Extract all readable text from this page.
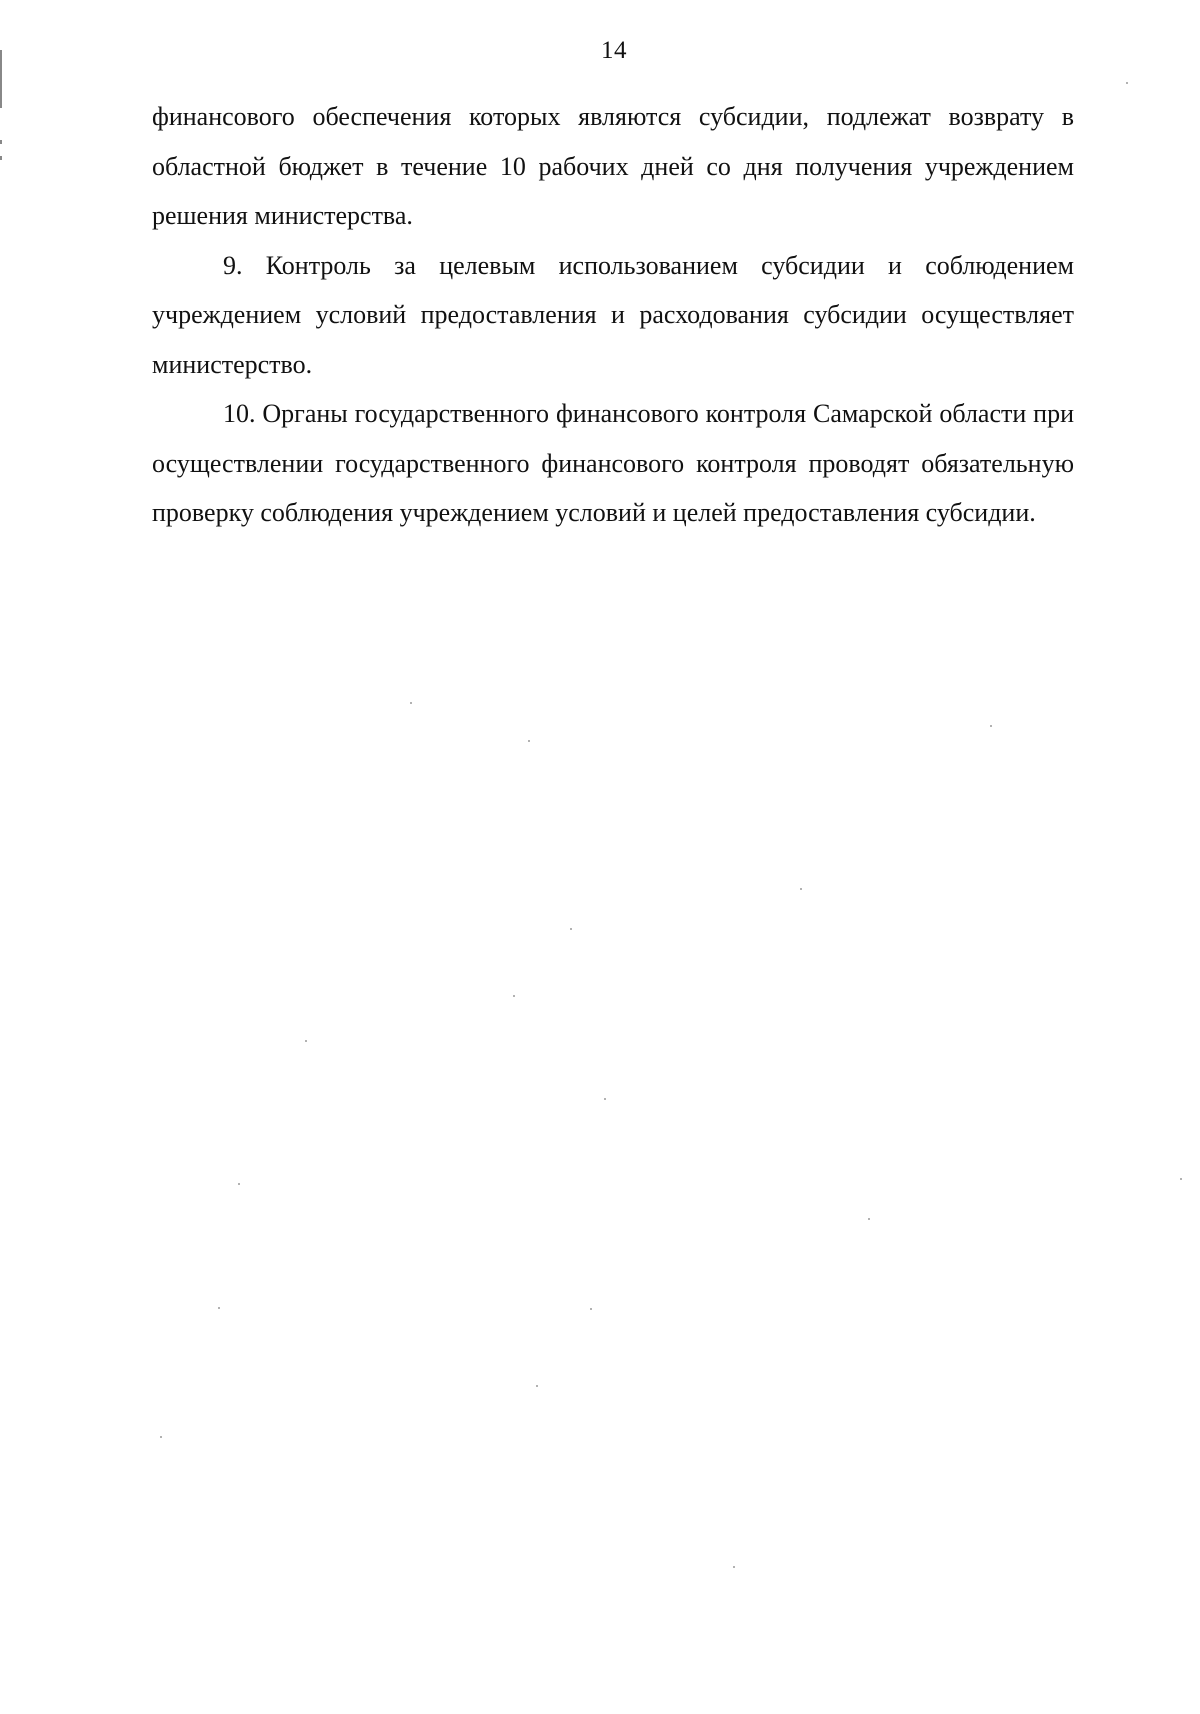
14

финансового обеспечения которых являются субсидии, подлежат возврату в областной бюджет в течение 10 рабочих дней со дня получения учреждением решения министерства.

9. Контроль за целевым использованием субсидии и соблюдением учреждением условий предоставления и расходования субсидии осуществляет министерство.

10. Органы государственного финансового контроля Самарской области при осуществлении государственного финансового контроля проводят обязательную проверку соблюдения учреждением условий и целей предоставления субсидии.
